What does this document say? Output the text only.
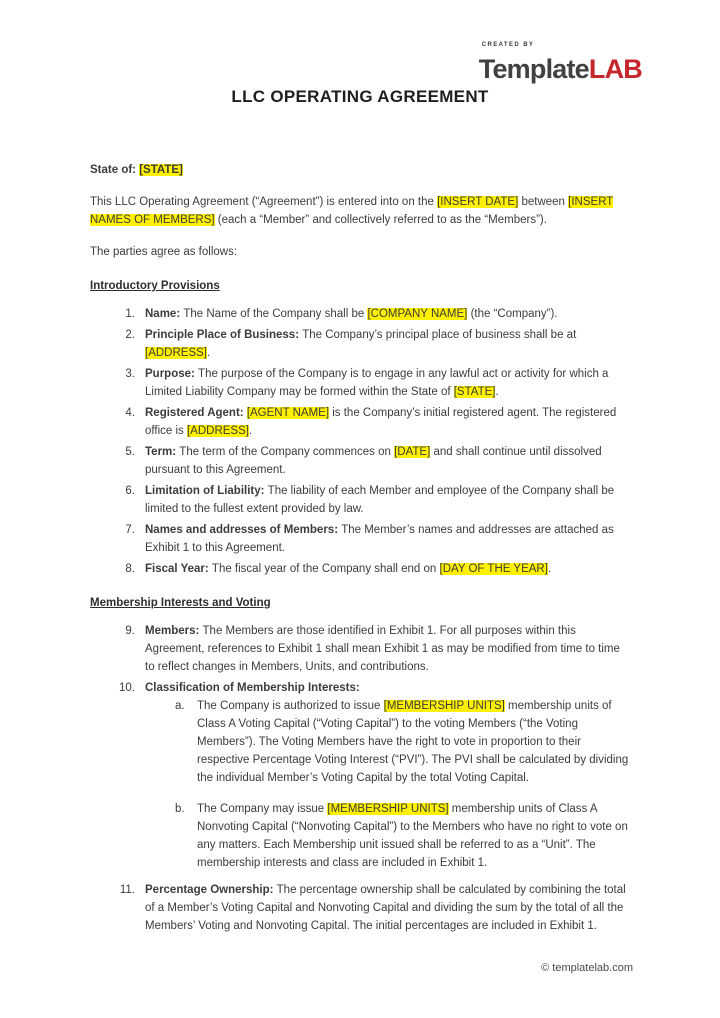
CREATED BY
TemplateLAB
LLC OPERATING AGREEMENT

State of: [STATE]

This LLC Operating Agreement (“Agreement”) is entered into on the [INSERT DATE] between [INSERT NAMES OF MEMBERS] (each a “Member” and collectively referred to as the “Members”).

The parties agree as follows:

Introductory Provisions
1. Name: The Name of the Company shall be [COMPANY NAME] (the “Company”).
2. Principle Place of Business: The Company’s principal place of business shall be at [ADDRESS].
3. Purpose: The purpose of the Company is to engage in any lawful act or activity for which a Limited Liability Company may be formed within the State of [STATE].
4. Registered Agent: [AGENT NAME] is the Company’s initial registered agent. The registered office is [ADDRESS].
5. Term: The term of the Company commences on [DATE] and shall continue until dissolved pursuant to this Agreement.
6. Limitation of Liability: The liability of each Member and employee of the Company shall be limited to the fullest extent provided by law.
7. Names and addresses of Members: The Member’s names and addresses are attached as Exhibit 1 to this Agreement.
8. Fiscal Year: The fiscal year of the Company shall end on [DAY OF THE YEAR].
Membership Interests and Voting
9. Members: The Members are those identified in Exhibit 1. For all purposes within this Agreement, references to Exhibit 1 shall mean Exhibit 1 as may be modified from time to time to reflect changes in Members, Units, and contributions.
10. Classification of Membership Interests:
a. The Company is authorized to issue [MEMBERSHIP UNITS] membership units of Class A Voting Capital (“Voting Capital”) to the voting Members (“the Voting Members”). The Voting Members have the right to vote in proportion to their respective Percentage Voting Interest (“PVI”). The PVI shall be calculated by dividing the individual Member’s Voting Capital by the total Voting Capital.
b. The Company may issue [MEMBERSHIP UNITS] membership units of Class A Nonvoting Capital (“Nonvoting Capital”) to the Members who have no right to vote on any matters. Each Membership unit issued shall be referred to as a “Unit”. The membership interests and class are included in Exhibit 1.
11. Percentage Ownership: The percentage ownership shall be calculated by combining the total of a Member’s Voting Capital and Nonvoting Capital and dividing the sum by the total of all the Members’ Voting and Nonvoting Capital. The initial percentages are included in Exhibit 1.
© templatelab.com
